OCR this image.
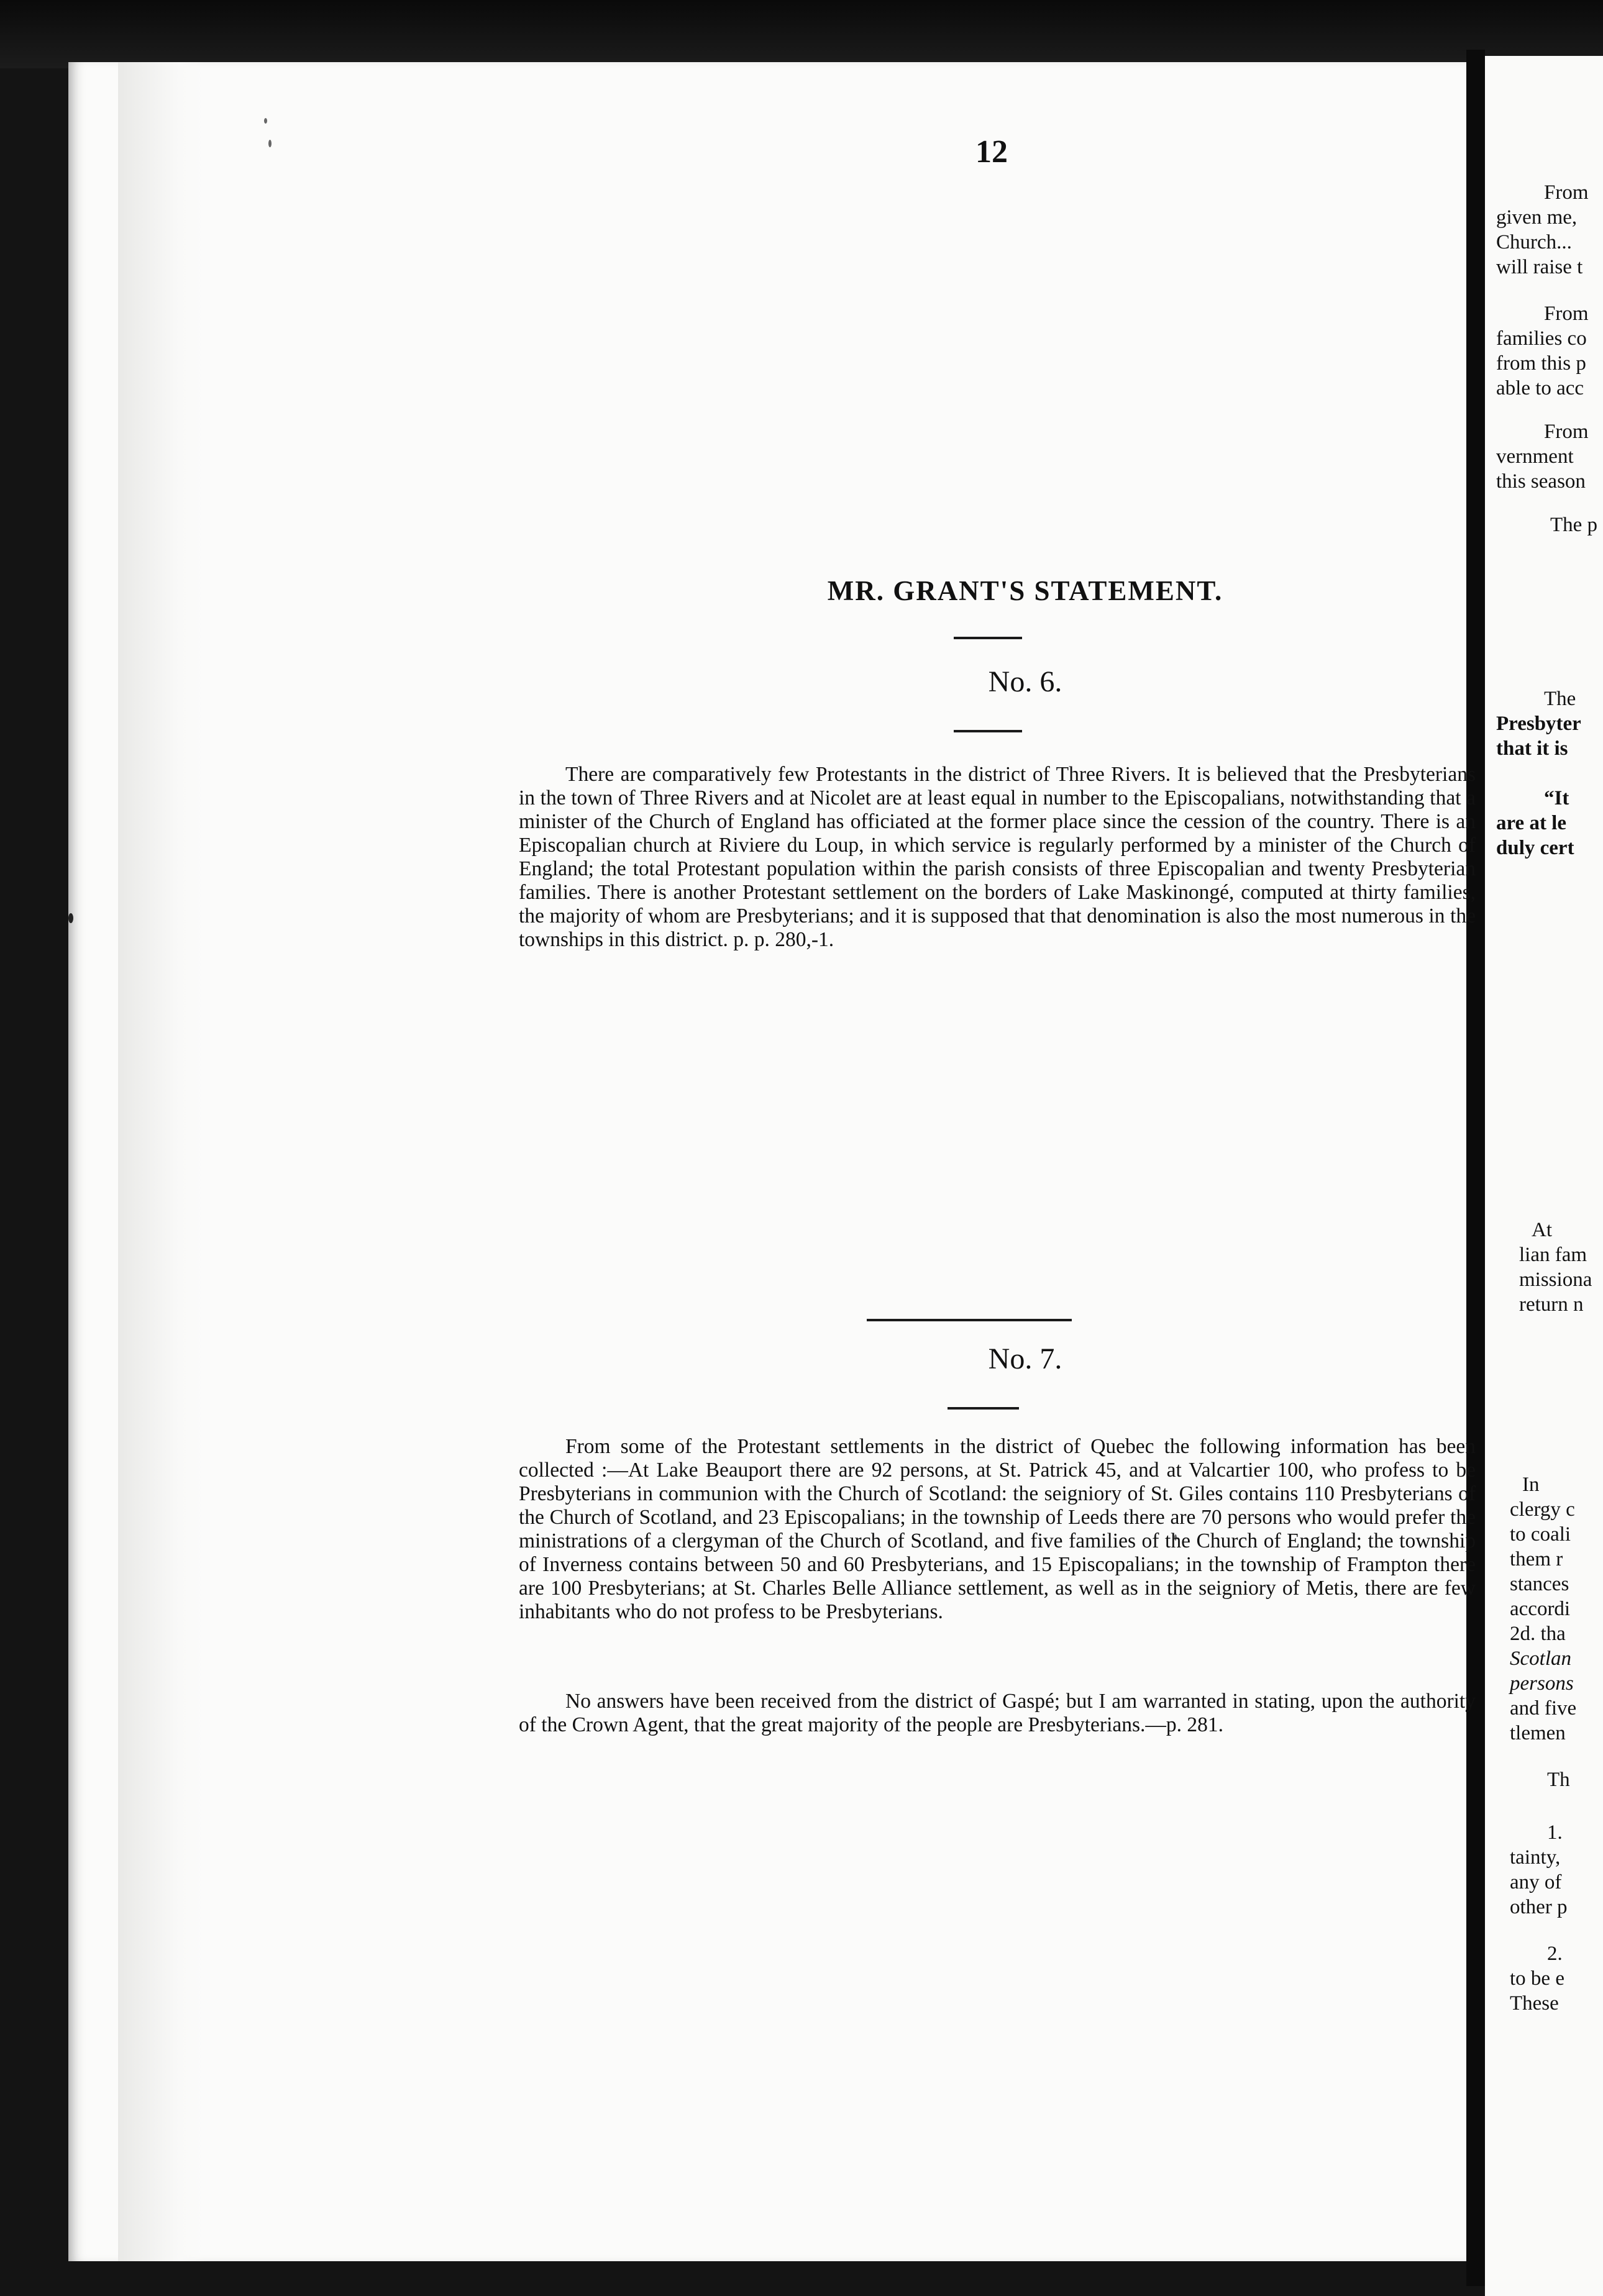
12
MR. GRANT'S STATEMENT.
No. 6.
There are comparatively few Protestants in the district of Three Rivers. It is believed that the Presbyterians in the town of Three Rivers and at Nicolet are at least equal in number to the Episcopalians, notwithstanding that a minister of the Church of England has officiated at the former place since the cession of the country. There is an Episcopalian church at Riviere du Loup, in which service is regularly performed by a minister of the Church of England; the total Protestant population within the parish consists of three Episcopalian and twenty Presbyterian families. There is another Protestant settlement on the borders of Lake Maskinongé, computed at thirty families, the majority of whom are Presbyterians; and it is supposed that that denomination is also the most numerous in the townships in this district. p. p. 280,-1.
No. 7.
From some of the Protestant settlements in the district of Quebec the following information has been collected :—At Lake Beauport there are 92 persons, at St. Patrick 45, and at Valcartier 100, who profess to be Presbyterians in communion with the Church of Scotland: the seigniory of St. Giles contains 110 Presbyterians of the Church of Scotland, and 23 Episcopalians; in the township of Leeds there are 70 persons who would prefer the ministrations of a clergyman of the Church of Scotland, and five families of the Church of England; the township of Inverness contains between 50 and 60 Presbyterians, and 15 Episcopalians; in the township of Frampton there are 100 Presbyterians; at St. Charles Belle Alliance settlement, as well as in the seigniory of Metis, there are few inhabitants who do not profess to be Presbyterians.
No answers have been received from the district of Gaspé; but I am warranted in stating, upon the authority of the Crown Agent, that the great majority of the people are Presbyterians.—p. 281.

From

given me,

Church...

will raise t

From

families co

from this p

able to acc

From

vernment

this season

The p

The

Presbyter

that it is

“It

are at le

duly cert

At

lian fam

missiona

return n

In

clergy c

to coali

them r

stances

accordi

2d. tha

Scotlan

persons

and five

tlemen

Th

1.

tainty,

any of

other p

2.

to be e

These
